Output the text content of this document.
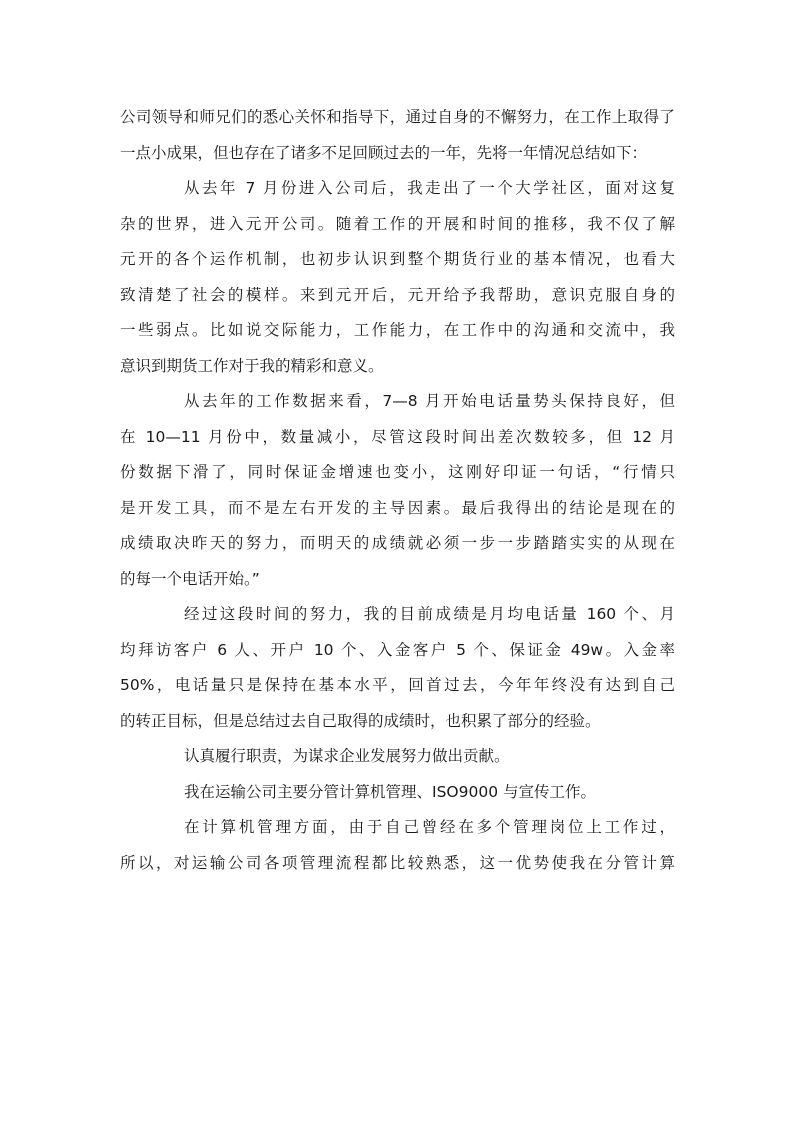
公司领导和师兄们的悉心关怀和指导下，通过自身的不懈努力，在工作上取得了
一点小成果，但也存在了诸多不足回顾过去的一年，先将一年情况总结如下：
从去年 7 月份进入公司后，我走出了一个大学社区，面对这复
杂的世界，进入元开公司。随着工作的开展和时间的推移，我不仅了解
元开的各个运作机制，也初步认识到整个期货行业的基本情况，也看大
致清楚了社会的模样。来到元开后，元开给予我帮助，意识克服自身的
一些弱点。比如说交际能力，工作能力，在工作中的沟通和交流中，我
意识到期货工作对于我的精彩和意义。
从去年的工作数据来看，7—8 月开始电话量势头保持良好，但
在 10—11 月份中，数量减小，尽管这段时间出差次数较多，但 12 月
份数据下滑了，同时保证金增速也变小，这刚好印证一句话，“行情只
是开发工具，而不是左右开发的主导因素。最后我得出的结论是现在的
成绩取决昨天的努力，而明天的成绩就必须一步一步踏踏实实的从现在
的每一个电话开始。”
经过这段时间的努力，我的目前成绩是月均电话量 160 个、月
均拜访客户 6 人、开户 10 个、入金客户 5 个、保证金 49w。入金率
50%，电话量只是保持在基本水平，回首过去，今年年终没有达到自己
的转正目标，但是总结过去自己取得的成绩时，也积累了部分的经验。
认真履行职责，为谋求企业发展努力做出贡献。
我在运输公司主要分管计算机管理、ISO9000 与宣传工作。
在计算机管理方面，由于自己曾经在多个管理岗位上工作过，
所以，对运输公司各项管理流程都比较熟悉，这一优势使我在分管计算
